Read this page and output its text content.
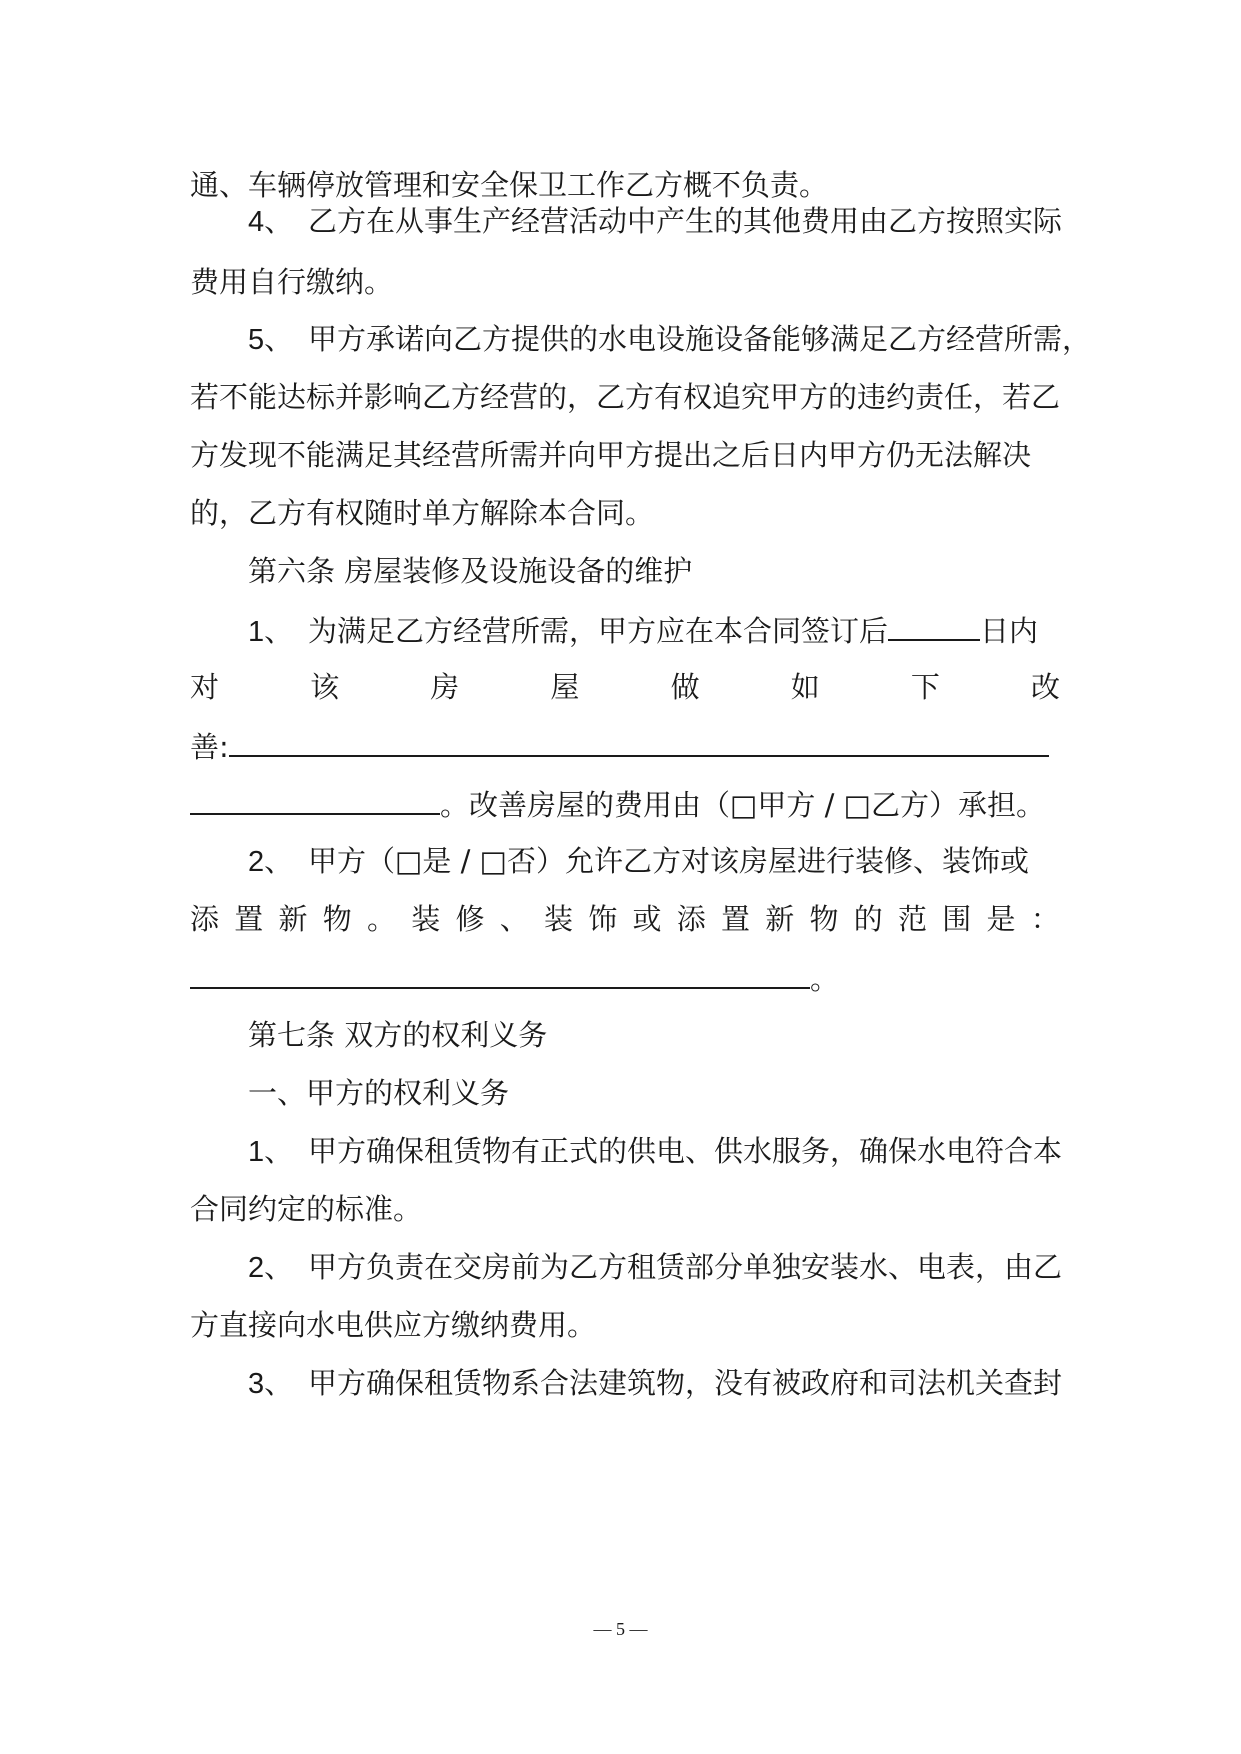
通、车辆停放管理和安全保卫工作乙方概不负责。
4、 乙方在从事生产经营活动中产生的其他费用由乙方按照实际
费用自行缴纳。
5、 甲方承诺向乙方提供的水电设施设备能够满足乙方经营所需，
若不能达标并影响乙方经营的，乙方有权追究甲方的违约责任，若乙
方发现不能满足其经营所需并向甲方提出之后日内甲方仍无法解决
的，乙方有权随时单方解除本合同。
第六条 房屋装修及设施设备的维护
1、 为满足乙方经营所需，甲方应在本合同签订后	日内
对	该	房	屋	做	如	下	改
善:
。改善房屋的费用由（□甲方 / □乙方）承担。
2、 甲方（□是 / □否）允许乙方对该房屋进行装修、装饰或
添 置 新 物 。 装 修 、 装 饰 或 添 置 新 物 的 范 围 是 ：
。
第七条 双方的权利义务
一、甲方的权利义务
1、 甲方确保租赁物有正式的供电、供水服务，确保水电符合本
合同约定的标准。
2、 甲方负责在交房前为乙方租赁部分单独安装水、电表，由乙
方直接向水电供应方缴纳费用。
3、 甲方确保租赁物系合法建筑物，没有被政府和司法机关查封
— 5 —
